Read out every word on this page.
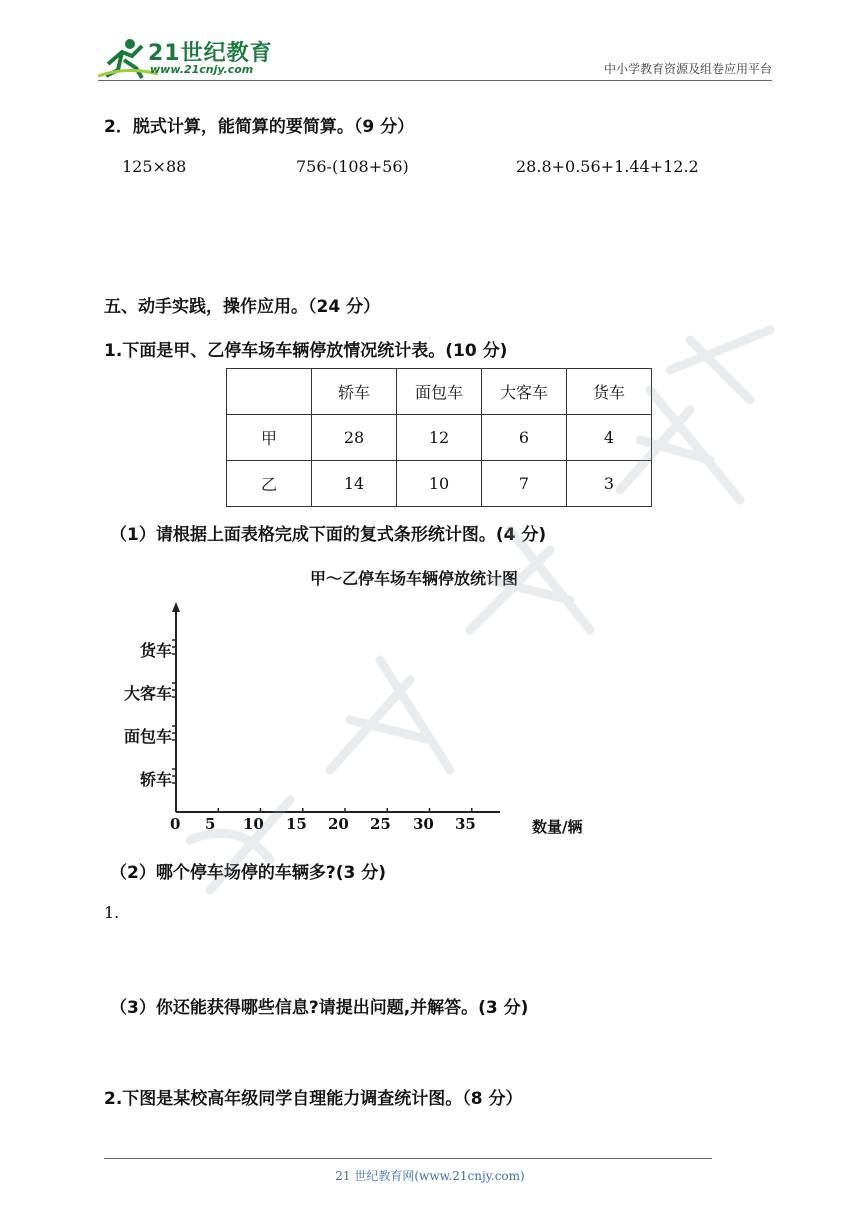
21世纪教育
www.21cnjy.com	中小学教育资源及组卷应用平台
2．脱式计算，能简算的要简算。（9 分）
125×88	756-(108+56)	28.8+0.56+1.44+12.2
五、动手实践，操作应用。（24 分）
1.下面是甲、乙停车场车辆停放情况统计表。(10 分)
	轿车	面包车	大客车	货车
甲	28	12	6	4
乙	14	10	7	3
（1）请根据上面表格完成下面的复式条形统计图。(4 分)
甲～乙停车场车辆停放统计图
货车
大客车
面包车
轿车
0 5 10 15 20 25 30 35	数量/辆
（2）哪个停车场停的车辆多?(3 分)
1.
（3）你还能获得哪些信息?请提出问题,并解答。(3 分)
2.下图是某校高年级同学自理能力调查统计图。（8 分）
21 世纪教育网(www.21cnjy.com)
